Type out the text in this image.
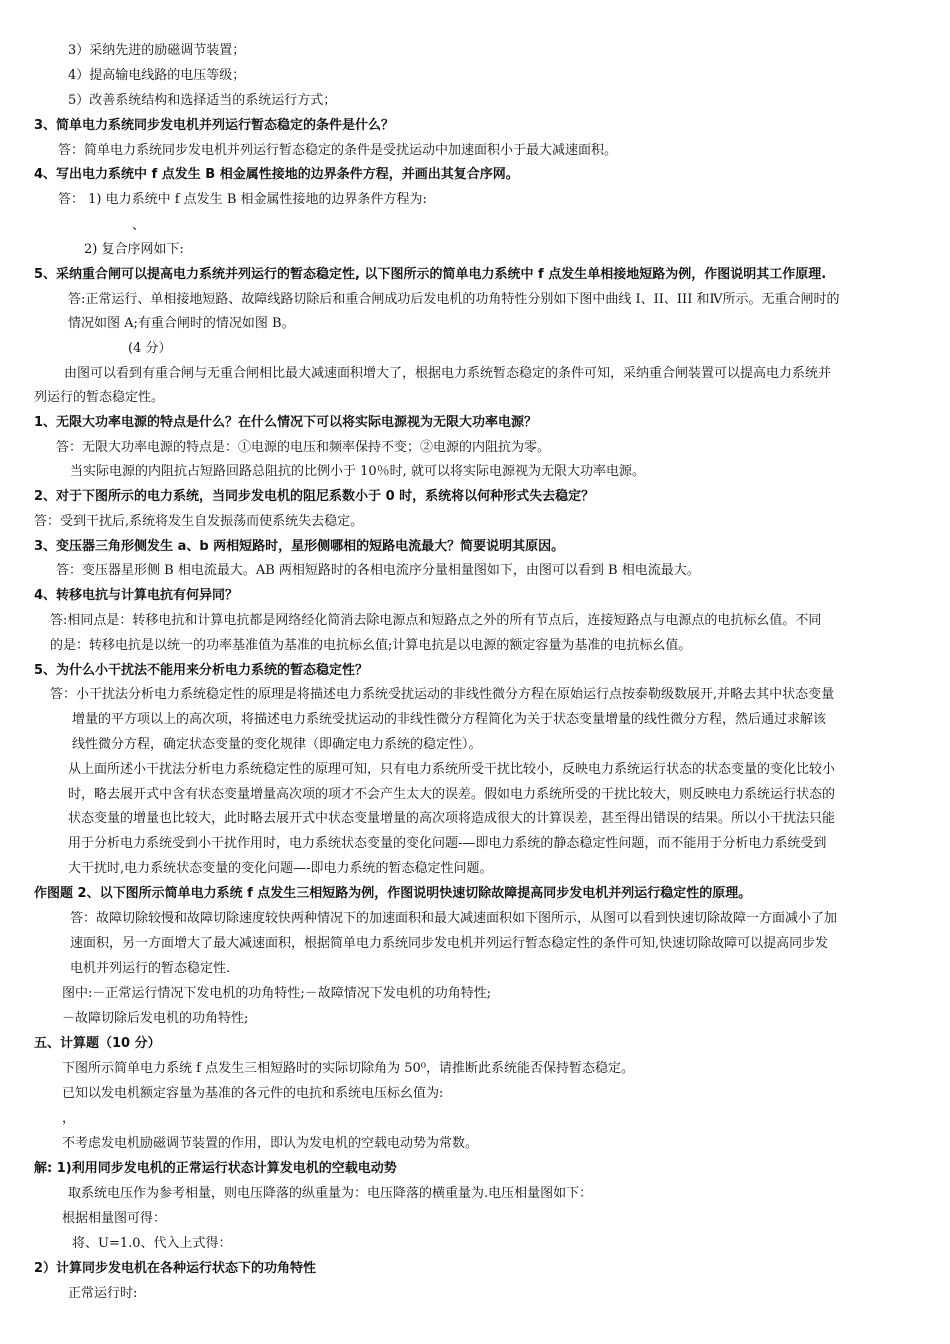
3）采纳先进的励磁调节装置；
4）提高输电线路的电压等级；
5）改善系统结构和选择适当的系统运行方式；
3、简单电力系统同步发电机并列运行暂态稳定的条件是什么？
答：简单电力系统同步发电机并列运行暂态稳定的条件是受扰运动中加速面积小于最大减速面积。
4、写出电力系统中 f 点发生 B 相金属性接地的边界条件方程，并画出其复合序网。
答： 1) 电力系统中 f 点发生 B 相金属性接地的边界条件方程为:
、
2) 复合序网如下:
5、采纳重合闸可以提高电力系统并列运行的暂态稳定性, 以下图所示的简单电力系统中 f 点发生单相接地短路为例，作图说明其工作原理.
答:正常运行、单相接地短路、故障线路切除后和重合闸成功后发电机的功角特性分别如下图中曲线 I、II、III 和Ⅳ所示。无重合闸时的
情况如图 A;有重合闸时的情况如图 B。
(4 分）
由图可以看到有重合闸与无重合闸相比最大减速面积增大了，根据电力系统暂态稳定的条件可知，采纳重合闸装置可以提高电力系统并
列运行的暂态稳定性。
1、无限大功率电源的特点是什么？在什么情况下可以将实际电源视为无限大功率电源？
答：无限大功率电源的特点是：①电源的电压和频率保持不变；②电源的内阻抗为零。
当实际电源的内阻抗占短路回路总阻抗的比例小于 10％时, 就可以将实际电源视为无限大功率电源。
2、对于下图所示的电力系统，当同步发电机的阻尼系数小于 0 时，系统将以何种形式失去稳定？
答：受到干扰后,系统将发生自发振荡而使系统失去稳定。
3、变压器三角形侧发生 a、b 两相短路时，星形侧哪相的短路电流最大？简要说明其原因。
答：变压器星形侧 B 相电流最大。AB 两相短路时的各相电流序分量相量图如下，由图可以看到 B 相电流最大。
4、转移电抗与计算电抗有何异同？
答:相同点是：转移电抗和计算电抗都是网络经化简消去除电源点和短路点之外的所有节点后，连接短路点与电源点的电抗标幺值。不同
的是：转移电抗是以统一的功率基准值为基准的电抗标幺值;计算电抗是以电源的额定容量为基准的电抗标幺值。
5、为什么小干扰法不能用来分析电力系统的暂态稳定性？
答：小干扰法分析电力系统稳定性的原理是将描述电力系统受扰运动的非线性微分方程在原始运行点按泰勒级数展开,并略去其中状态变量
增量的平方项以上的高次项，将描述电力系统受扰运动的非线性微分方程简化为关于状态变量增量的线性微分方程，然后通过求解该
线性微分方程，确定状态变量的变化规律（即确定电力系统的稳定性）。
从上面所述小干扰法分析电力系统稳定性的原理可知，只有电力系统所受干扰比较小，反映电力系统运行状态的状态变量的变化比较小
时，略去展开式中含有状态变量增量高次项的项才不会产生太大的误差。假如电力系统所受的干扰比较大，则反映电力系统运行状态的
状态变量的增量也比较大，此时略去展开式中状态变量增量的高次项将造成很大的计算误差，甚至得出错误的结果。所以小干扰法只能
用于分析电力系统受到小干扰作用时，电力系统状态变量的变化问题-—即电力系统的静态稳定性问题，而不能用于分析电力系统受到
大干扰时,电力系统状态变量的变化问题—-即电力系统的暂态稳定性问题。
作图题 2、以下图所示简单电力系统 f 点发生三相短路为例，作图说明快速切除故障提高同步发电机并列运行稳定性的原理。
答：故障切除较慢和故障切除速度较快两种情况下的加速面积和最大减速面积如下图所示，从图可以看到快速切除故障一方面减小了加
速面积，另一方面增大了最大减速面积，根据简单电力系统同步发电机并列运行暂态稳定性的条件可知,快速切除故障可以提高同步发
电机并列运行的暂态稳定性.
图中:－正常运行情况下发电机的功角特性;－故障情况下发电机的功角特性;
－故障切除后发电机的功角特性;
五、计算题（10 分）
下图所示简单电力系统 f 点发生三相短路时的实际切除角为 50⁰，请推断此系统能否保持暂态稳定。
已知以发电机额定容量为基准的各元件的电抗和系统电压标幺值为:
，
不考虑发电机励磁调节装置的作用，即认为发电机的空载电动势为常数。
解: 1)利用同步发电机的正常运行状态计算发电机的空载电动势
取系统电压作为参考相量，则电压降落的纵重量为：电压降落的横重量为.电压相量图如下：
根据相量图可得：
将、U=1.0、代入上式得：
2）计算同步发电机在各种运行状态下的功角特性
正常运行时:
